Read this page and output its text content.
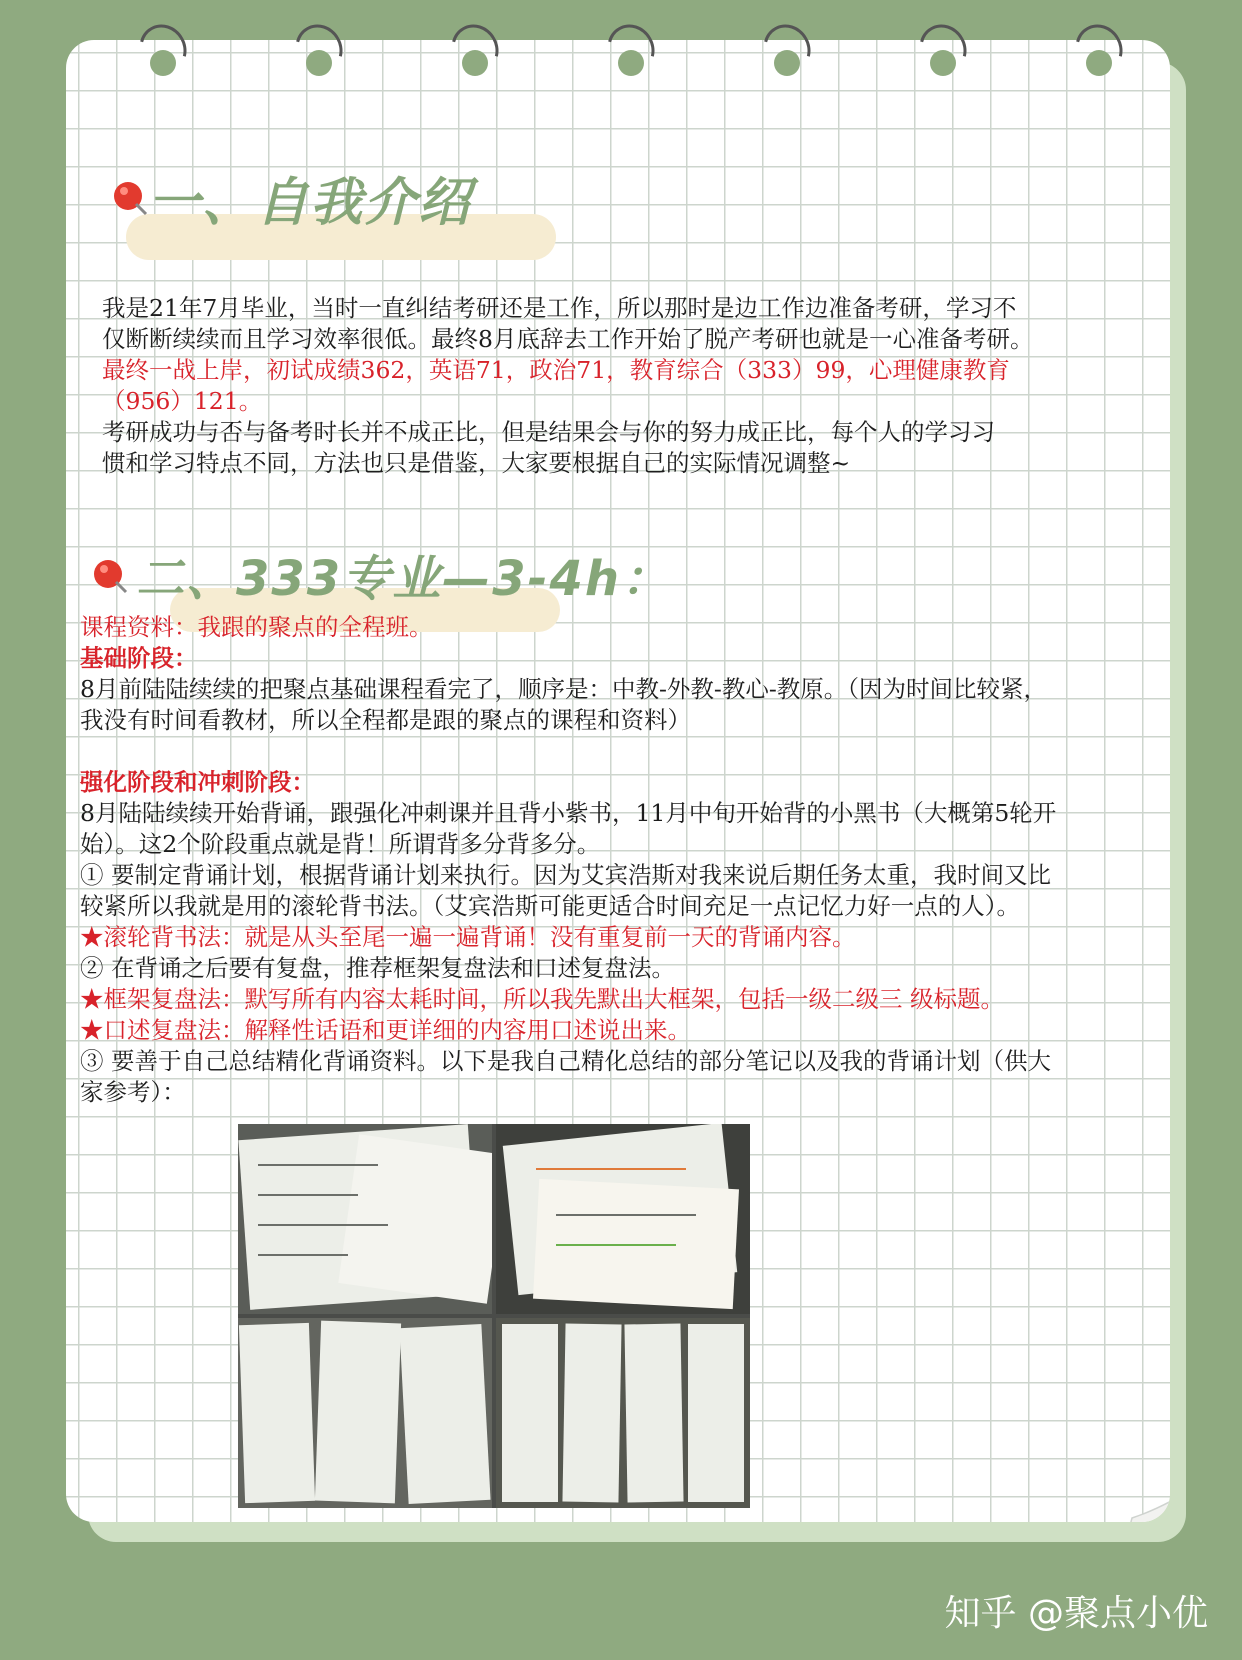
一、自我介绍
我是21年7月毕业，当时一直纠结考研还是工作，所以那时是边工作边准备考研，学习不
仅断断续续而且学习效率很低。最终8月底辞去工作开始了脱产考研也就是一心准备考研。
最终一战上岸，初试成绩362，英语71，政治71，教育综合（333）99，心理健康教育
（956）121。
考研成功与否与备考时长并不成正比，但是结果会与你的努力成正比，每个人的学习习
惯和学习特点不同，方法也只是借鉴，大家要根据自己的实际情况调整~
二、333专业—3-4h：
课程资料：我跟的聚点的全程班。
基础阶段：
8月前陆陆续续的把聚点基础课程看完了，顺序是：中教-外教-教心-教原。（因为时间比较紧，
我没有时间看教材，所以全程都是跟的聚点的课程和资料）
强化阶段和冲刺阶段：
8月陆陆续续开始背诵，跟强化冲刺课并且背小紫书，11月中旬开始背的小黑书（大概第5轮开
始）。这2个阶段重点就是背！所谓背多分背多分。
① 要制定背诵计划，根据背诵计划来执行。因为艾宾浩斯对我来说后期任务太重，我时间又比
较紧所以我就是用的滚轮背书法。（艾宾浩斯可能更适合时间充足一点记忆力好一点的人）。
★滚轮背书法：就是从头至尾一遍一遍背诵！没有重复前一天的背诵内容。
② 在背诵之后要有复盘，推荐框架复盘法和口述复盘法。
★框架复盘法：默写所有内容太耗时间，所以我先默出大框架，包括一级二级三 级标题。
★口述复盘法：解释性话语和更详细的内容用口述说出来。
③ 要善于自己总结精化背诵资料。以下是我自己精化总结的部分笔记以及我的背诵计划（供大
家参考）：
知乎 @聚点小优
